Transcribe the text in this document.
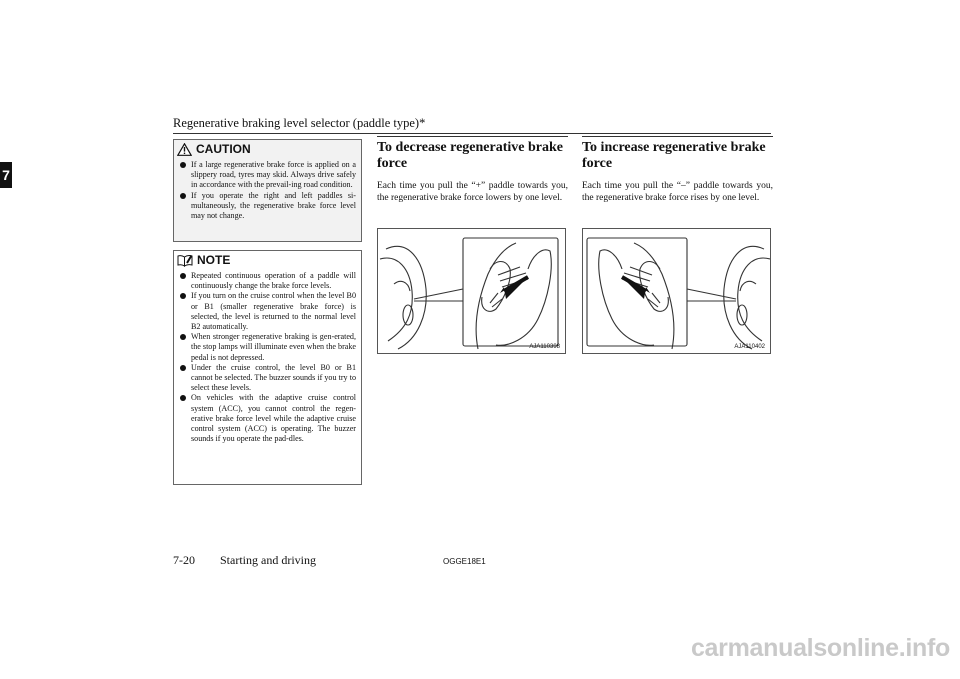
Regenerative braking level selector (paddle type)*
7
CAUTION
If a large regenerative brake force is applied on a slippery road, tyres may skid. Always drive safely in accordance with the prevail-ing road condition.
If you operate the right and left paddles si-multaneously, the regenerative brake force level may not change.
NOTE
Repeated continuous operation of a paddle will continuously change the brake force levels.
If you turn on the cruise control when the level B0 or B1 (smaller regenerative brake force) is selected, the level is returned to the normal level B2 automatically.
When stronger regenerative braking is gen-erated, the stop lamps will illuminate even when the brake pedal is not depressed.
Under the cruise control, the level B0 or B1 cannot be selected. The buzzer sounds if you try to select these levels.
On vehicles with the adaptive cruise control system (ACC), you cannot control the regen-erative brake force level while the adaptive cruise control system (ACC) is operating. The buzzer sounds if you operate the pad-dles.
To decrease regenerative brake force
Each time you pull the “+” paddle towards you, the regenerative brake force lowers by one level.
AJA110398
To increase regenerative brake force
Each time you pull the “–” paddle towards you, the regenerative brake force rises by one level.
AJA110402
7-20 Starting and driving	OGGE18E1
carmanualsonline.info
